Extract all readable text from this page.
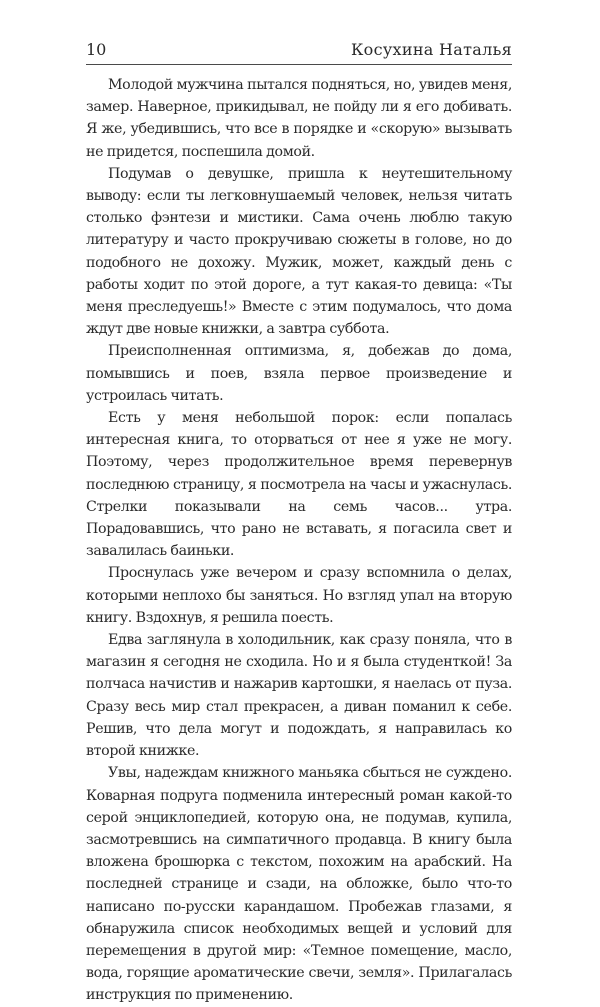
10	Косухина Наталья

Молодой мужчина пытался подняться, но, увидев меня, замер. Наверное, прикидывал, не пойду ли я его добивать. Я же, убедившись, что все в порядке и «скорую» вызывать не придется, поспешила домой.

Подумав о девушке, пришла к неутешительному выводу: если ты легковнушаемый человек, нельзя читать столько фэнтези и мистики. Сама очень люблю такую литературу и часто прокручиваю сюжеты в голове, но до подобного не дохожу. Мужик, может, каждый день с работы ходит по этой дороге, а тут какая-то девица: «Ты меня преследуешь!» Вместе с этим подумалось, что дома ждут две новые книжки, а завтра суббота.

Преисполненная оптимизма, я, добежав до дома, помывшись и поев, взяла первое произведение и устроилась читать.

Есть у меня небольшой порок: если попалась интересная книга, то оторваться от нее я уже не могу. Поэтому, через продолжительное время перевернув последнюю страницу, я посмотрела на часы и ужаснулась. Стрелки показывали на семь часов... утра. Порадовавшись, что рано не вставать, я погасила свет и завалилась баиньки.

Проснулась уже вечером и сразу вспомнила о делах, которыми неплохо бы заняться. Но взгляд упал на вторую книгу. Вздохнув, я решила поесть.

Едва заглянула в холодильник, как сразу поняла, что в магазин я сегодня не сходила. Но и я была студенткой! За полчаса начистив и нажарив картошки, я наелась от пуза. Сразу весь мир стал прекрасен, а диван поманил к себе. Решив, что дела могут и подождать, я направилась ко второй книжке.

Увы, надеждам книжного маньяка сбыться не суждено. Коварная подруга подменила интересный роман какой-то серой энциклопедией, которую она, не подумав, купила, засмотревшись на симпатичного продавца. В книгу была вложена брошюрка с текстом, похожим на арабский. На последней странице и сзади, на обложке, было что-то написано по-русски карандашом. Пробежав глазами, я обнаружила список необходимых вещей и условий для перемещения в другой мир: «Темное помещение, масло, вода, горящие ароматические свечи, земля». Прилагалась инструкция по применению.
